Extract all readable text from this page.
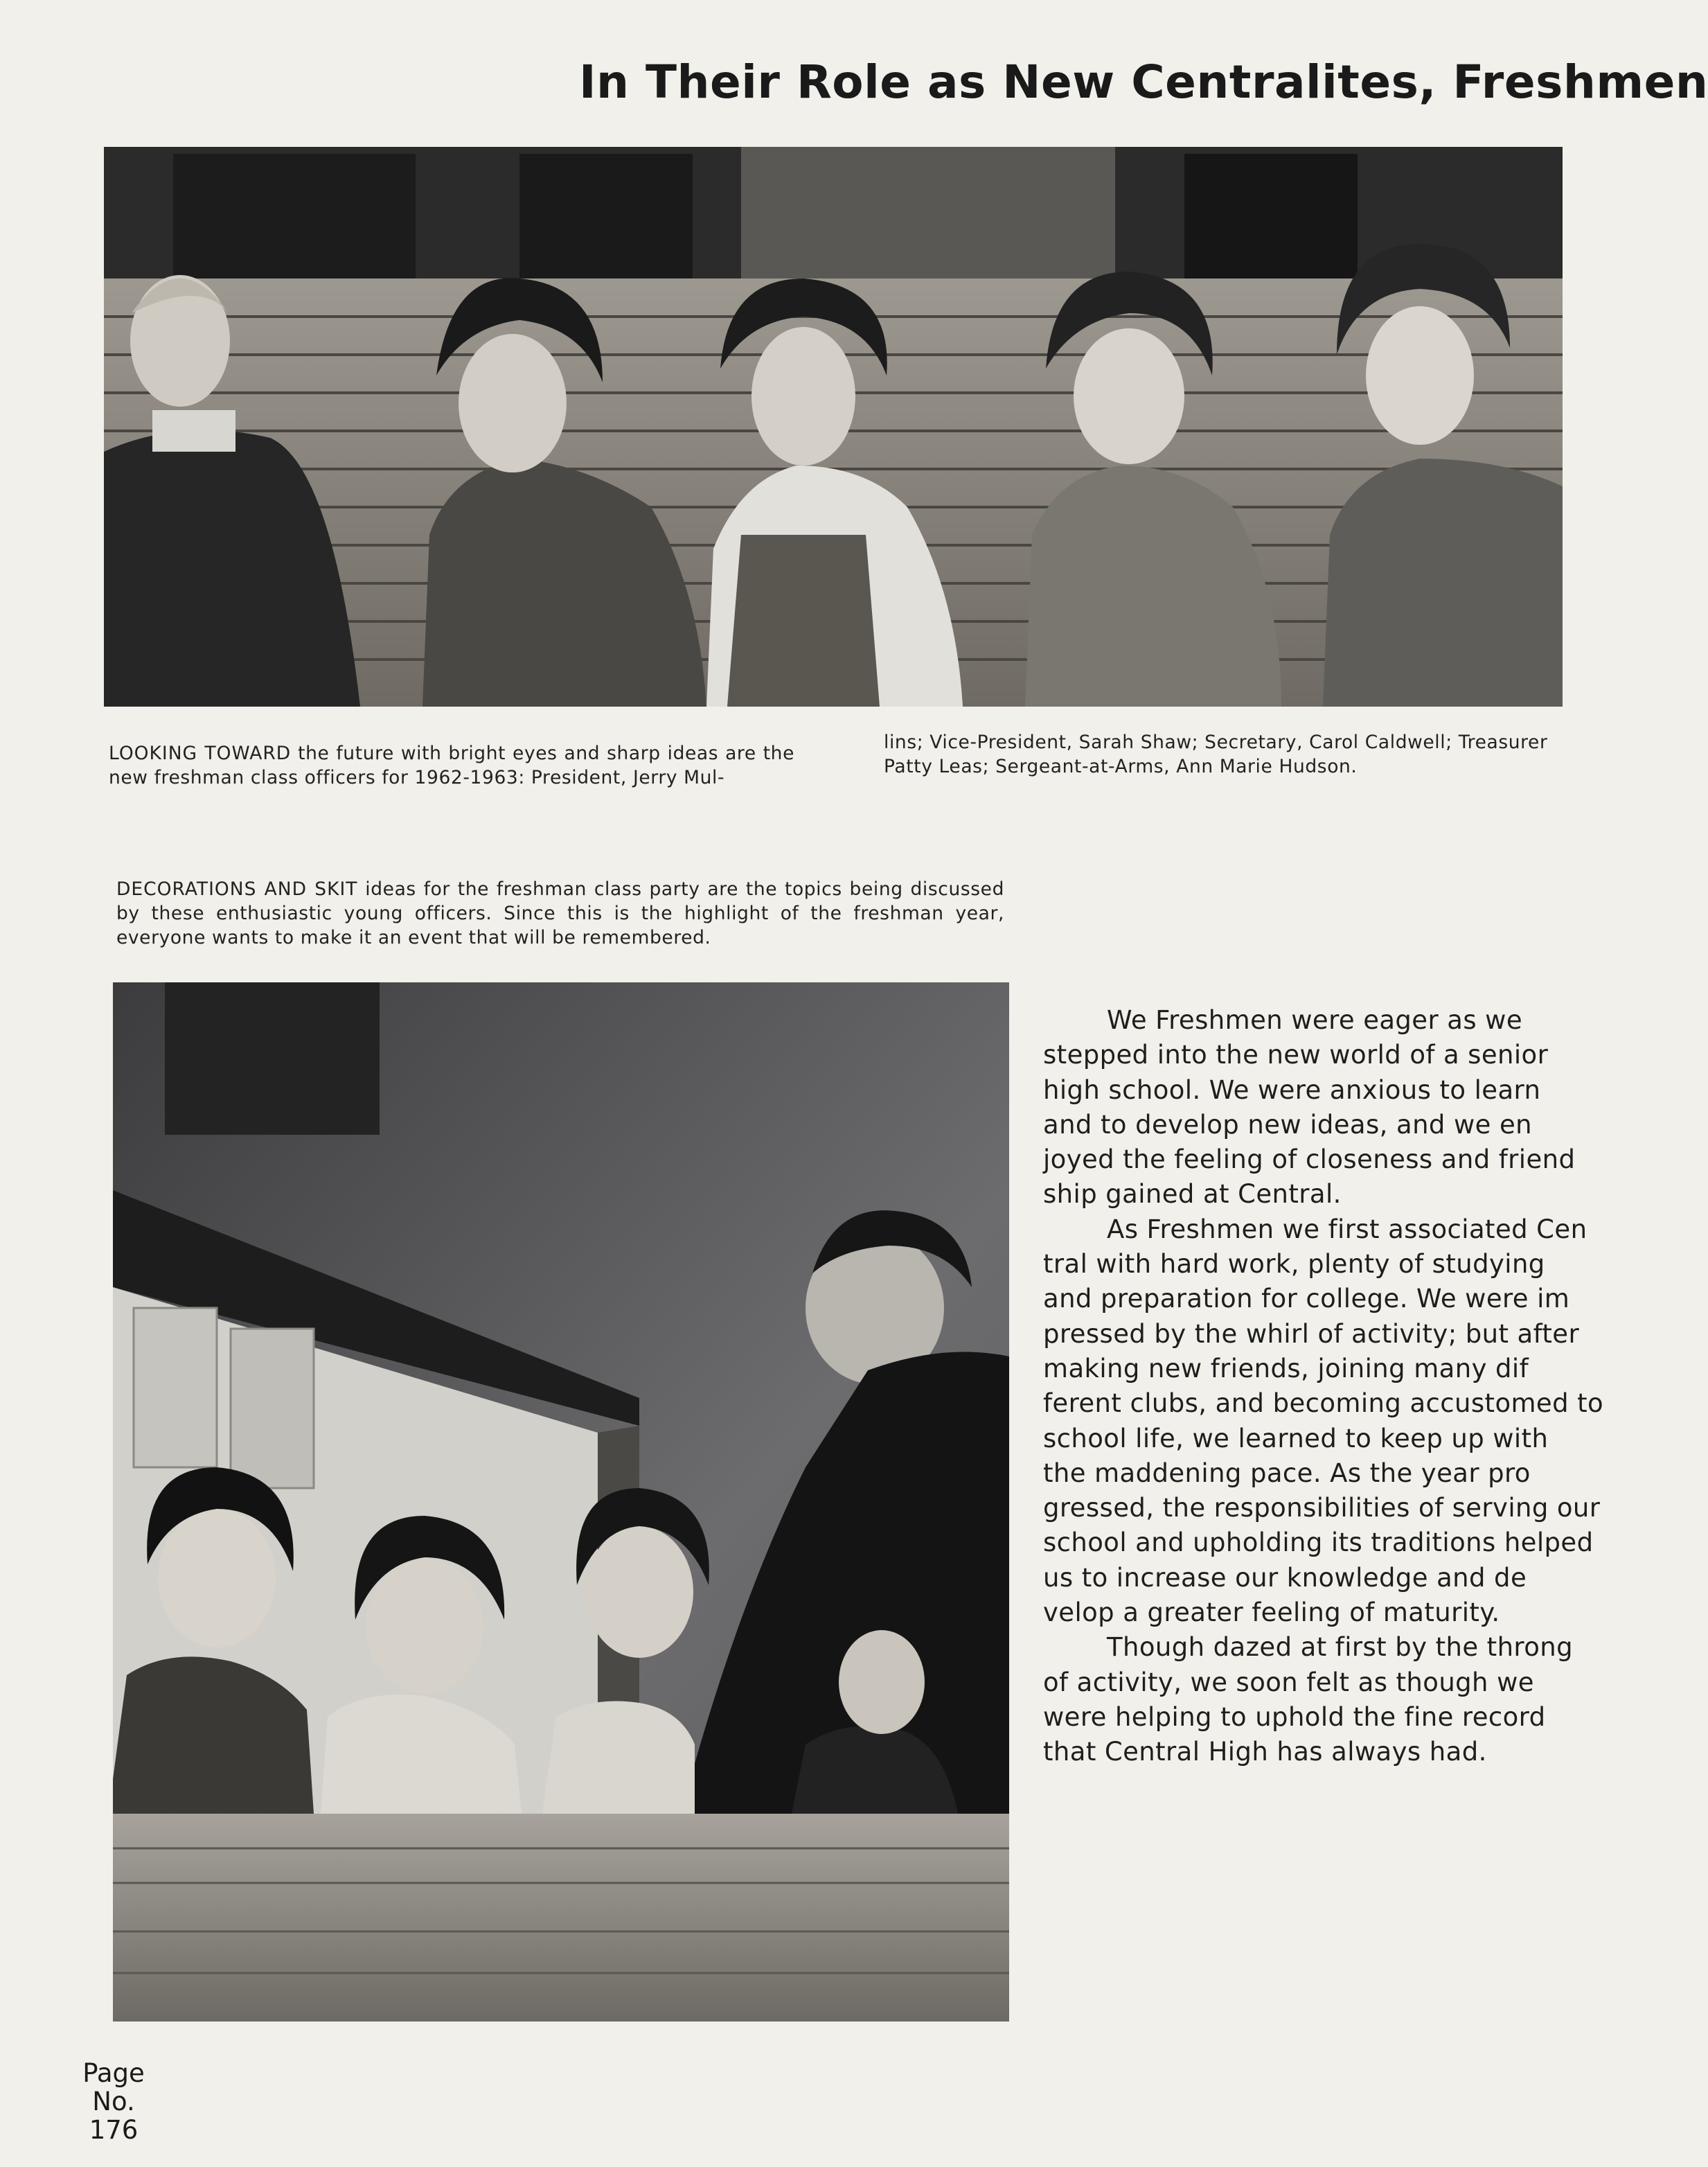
In Their Role as New Centralites, Freshmen
LOOKING TOWARD the future with bright eyes and sharp ideas are the new freshman class officers for 1962-1963: President, Jerry Mul-
lins; Vice-President, Sarah Shaw; Secretary, Carol Caldwell; Treasurer
Patty Leas; Sergeant-at-Arms, Ann Marie Hudson.
DECORATIONS AND SKIT ideas for the freshman class party are the topics being discussed by these enthusiastic young officers. Since this is the highlight of the freshman year, everyone wants to make it an event that will be remembered.
We Freshmen were eager as we
stepped into the new world of a senior
high school. We were anxious to learn
and to develop new ideas, and we en
joyed the feeling of closeness and friend
ship gained at Central.
As Freshmen we first associated Cen
tral with hard work, plenty of studying
and preparation for college. We were im
pressed by the whirl of activity; but after
making new friends, joining many dif
ferent clubs, and becoming accustomed to
school life, we learned to keep up with
the maddening pace. As the year pro
gressed, the responsibilities of serving our
school and upholding its traditions helped
us to increase our knowledge and de
velop a greater feeling of maturity.
Though dazed at first by the throng
of activity, we soon felt as though we
were helping to uphold the fine record
that Central High has always had.
Page
No.
176
